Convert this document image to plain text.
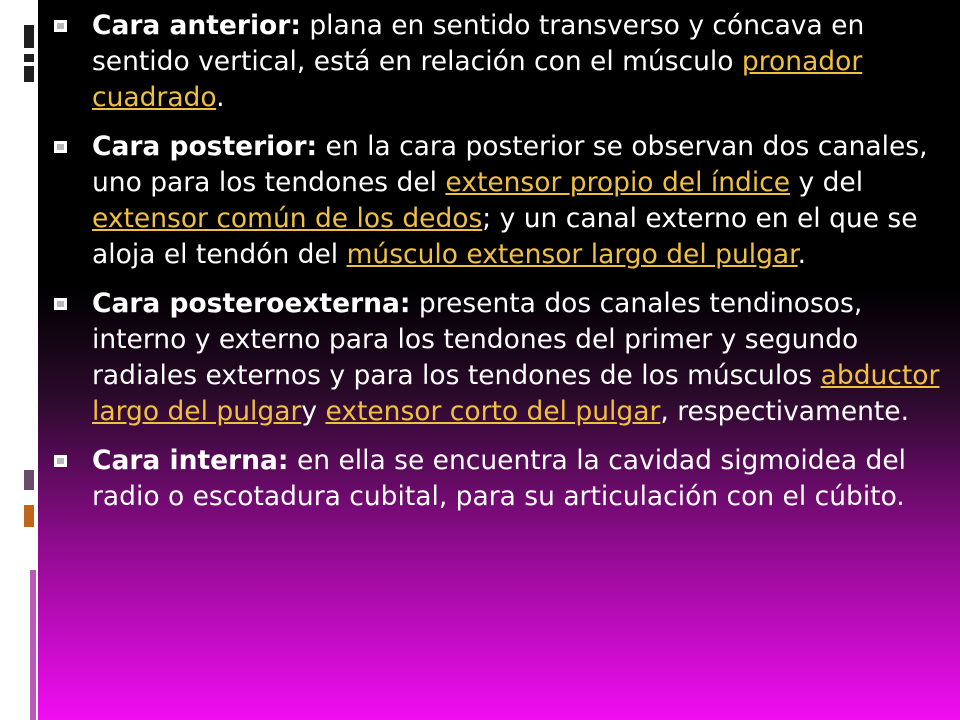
Cara anterior: plana en sentido transverso y cóncava en sentido vertical, está en relación con el músculo pronador cuadrado.
Cara posterior: en la cara posterior se observan dos canales, uno para los tendones del extensor propio del índice y del extensor común de los dedos; y un canal externo en el que se aloja el tendón del músculo extensor largo del pulgar.
Cara posteroexterna: presenta dos canales tendinosos, interno y externo para los tendones del primer y segundo radiales externos y para los tendones de los músculos abductor largo del pulgary extensor corto del pulgar, respectivamente.
Cara interna: en ella se encuentra la cavidad sigmoidea del radio o escotadura cubital, para su articulación con el cúbito.
